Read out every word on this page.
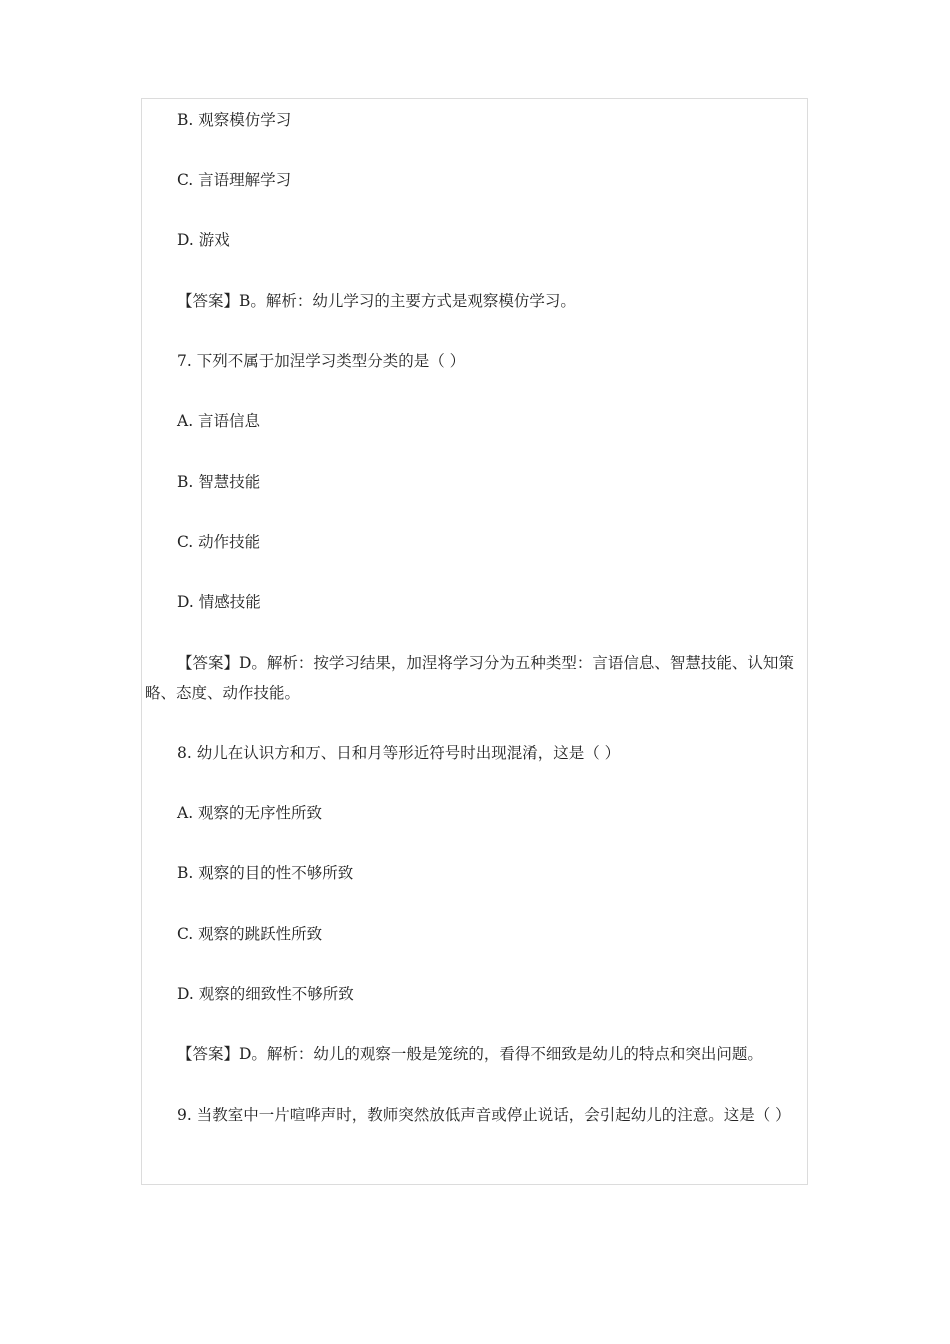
B. 观察模仿学习

C. 言语理解学习

D. 游戏

【答案】B。解析：幼儿学习的主要方式是观察模仿学习。

7. 下列不属于加涅学习类型分类的是（ ）

A. 言语信息

B. 智慧技能

C. 动作技能

D. 情感技能

【答案】D。解析：按学习结果，加涅将学习分为五种类型：言语信息、智慧技能、认知策略、态度、动作技能。

8. 幼儿在认识方和万、日和月等形近符号时出现混淆，这是（ ）

A. 观察的无序性所致

B. 观察的目的性不够所致

C. 观察的跳跃性所致

D. 观察的细致性不够所致

【答案】D。解析：幼儿的观察一般是笼统的，看得不细致是幼儿的特点和突出问题。

9. 当教室中一片喧哗声时，教师突然放低声音或停止说话，会引起幼儿的注意。这是（ ）
